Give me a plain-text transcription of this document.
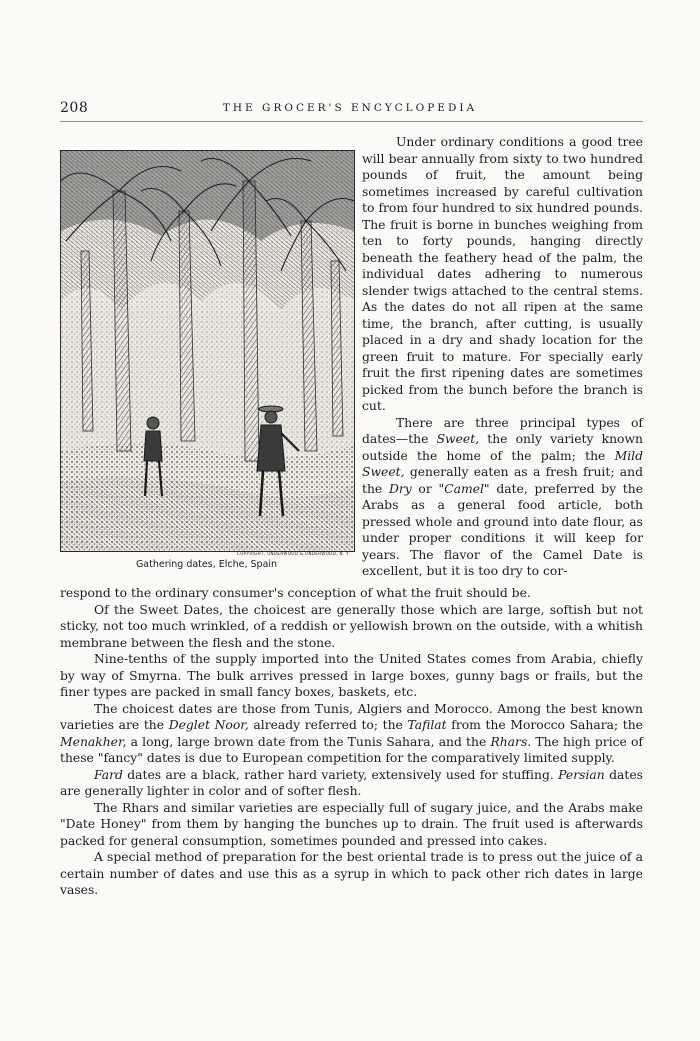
208	THE GROCER'S ENCYCLOPEDIA
COPYRIGHT, UNDERWOOD & UNDERWOOD, N. Y.
Gathering dates, Elche, Spain

Under ordinary conditions a good tree will bear annually from sixty to two hundred pounds of fruit, the amount being sometimes increased by careful cultivation to from four hundred to six hundred pounds. The fruit is borne in bunches weighing from ten to forty pounds, hanging directly beneath the feathery head of the palm, the individual dates adhering to numerous slender twigs attached to the central stems. As the dates do not all ripen at the same time, the branch, after cutting, is usually placed in a dry and shady location for the green fruit to mature. For specially early fruit the first ripening dates are sometimes picked from the bunch before the branch is cut.

There are three principal types of dates—the Sweet, the only variety known outside the home of the palm; the Mild Sweet, generally eaten as a fresh fruit; and the Dry or "Camel" date, preferred by the Arabs as a general food article, both pressed whole and ground into date flour, as under proper conditions it will keep for years. The flavor of the Camel Date is excellent, but it is too dry to cor-

respond to the ordinary consumer's conception of what the fruit should be.

Of the Sweet Dates, the choicest are generally those which are large, softish but not sticky, not too much wrinkled, of a reddish or yellowish brown on the outside, with a whitish membrane between the flesh and the stone.

Nine-tenths of the supply imported into the United States comes from Arabia, chiefly by way of Smyrna. The bulk arrives pressed in large boxes, gunny bags or frails, but the finer types are packed in small fancy boxes, baskets, etc.

The choicest dates are those from Tunis, Algiers and Morocco. Among the best known varieties are the Deglet Noor, already referred to; the Tafilat from the Morocco Sahara; the Menakher, a long, large brown date from the Tunis Sahara, and the Rhars. The high price of these "fancy" dates is due to European competition for the comparatively limited supply.

Fard dates are a black, rather hard variety, extensively used for stuffing. Persian dates are generally lighter in color and of softer flesh.

The Rhars and similar varieties are especially full of sugary juice, and the Arabs make "Date Honey" from them by hanging the bunches up to drain. The fruit used is afterwards packed for general consumption, sometimes pounded and pressed into cakes.

A special method of preparation for the best oriental trade is to press out the juice of a certain number of dates and use this as a syrup in which to pack other rich dates in large vases.
